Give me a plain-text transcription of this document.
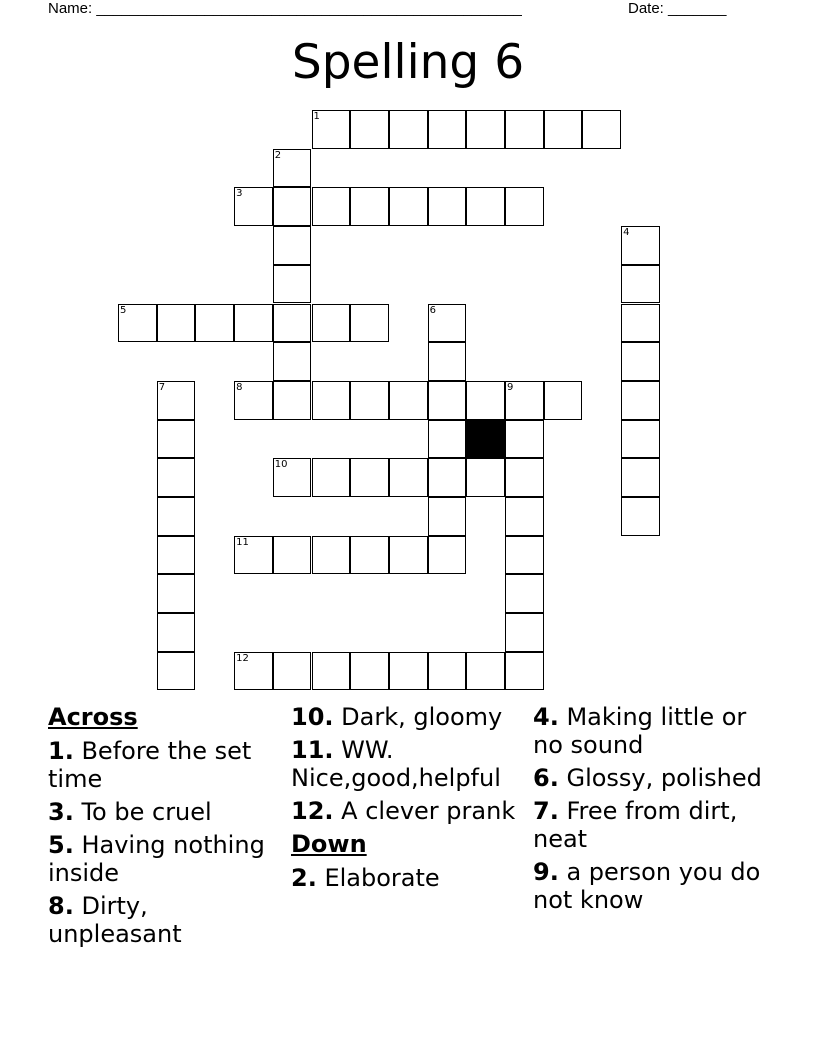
Name: ___________________________________________________	Date: _______
Spelling 6
1
2
3
4
5	6
7	8	9
10
11
12
Across
1. Before the set time
3. To be cruel
5. Having nothing inside
8. Dirty, unpleasant
10. Dark, gloomy
11. WW. Nice,good,helpful
12. A clever prank
Down
2. Elaborate
4. Making little or no sound
6. Glossy, polished
7. Free from dirt, neat
9. a person you do not know
